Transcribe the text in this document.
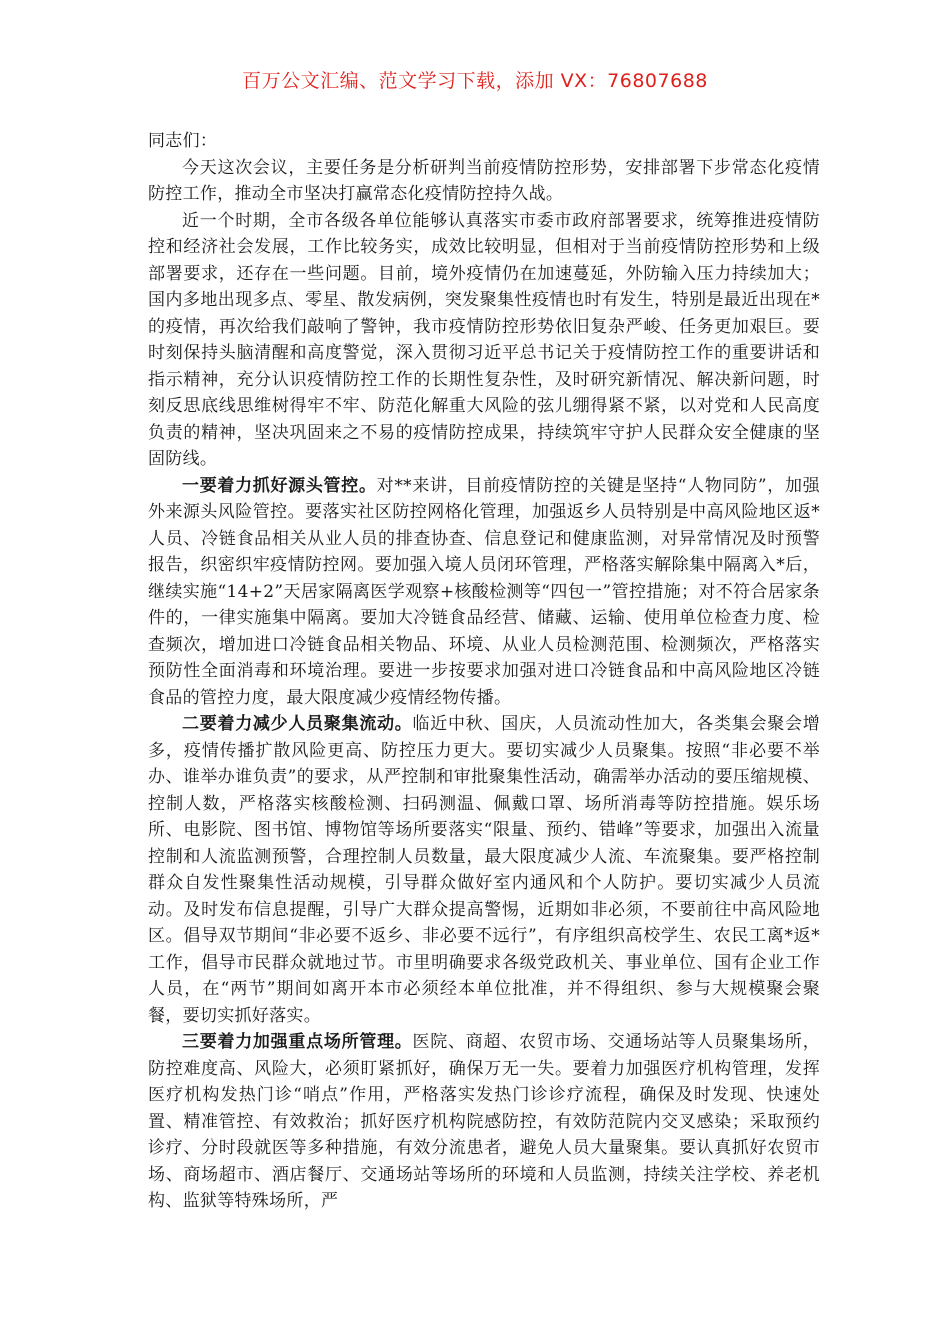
百万公文汇编、范文学习下载，添加 VX：76807688

同志们：

今天这次会议，主要任务是分析研判当前疫情防控形势，安排部署下步常态化疫情防控工作，推动全市坚决打赢常态化疫情防控持久战。

近一个时期，全市各级各单位能够认真落实市委市政府部署要求，统筹推进疫情防控和经济社会发展，工作比较务实，成效比较明显，但相对于当前疫情防控形势和上级部署要求，还存在一些问题。目前，境外疫情仍在加速蔓延，外防输入压力持续加大；国内多地出现多点、零星、散发病例，突发聚集性疫情也时有发生，特别是最近出现在*的疫情，再次给我们敲响了警钟，我市疫情防控形势依旧复杂严峻、任务更加艰巨。要时刻保持头脑清醒和高度警觉，深入贯彻习近平总书记关于疫情防控工作的重要讲话和指示精神，充分认识疫情防控工作的长期性复杂性，及时研究新情况、解决新问题，时刻反思底线思维树得牢不牢、防范化解重大风险的弦儿绷得紧不紧，以对党和人民高度负责的精神，坚决巩固来之不易的疫情防控成果，持续筑牢守护人民群众安全健康的坚固防线。

一要着力抓好源头管控。对**来讲，目前疫情防控的关键是坚持“人物同防”，加强外来源头风险管控。要落实社区防控网格化管理，加强返乡人员特别是中高风险地区返*人员、冷链食品相关从业人员的排查协查、信息登记和健康监测，对异常情况及时预警报告，织密织牢疫情防控网。要加强入境人员闭环管理，严格落实解除集中隔离入*后，继续实施“14+2”天居家隔离医学观察+核酸检测等“四包一”管控措施；对不符合居家条件的，一律实施集中隔离。要加大冷链食品经营、储藏、运输、使用单位检查力度、检查频次，增加进口冷链食品相关物品、环境、从业人员检测范围、检测频次，严格落实预防性全面消毒和环境治理。要进一步按要求加强对进口冷链食品和中高风险地区冷链食品的管控力度，最大限度减少疫情经物传播。

二要着力减少人员聚集流动。临近中秋、国庆，人员流动性加大，各类集会聚会增多，疫情传播扩散风险更高、防控压力更大。要切实减少人员聚集。按照“非必要不举办、谁举办谁负责”的要求，从严控制和审批聚集性活动，确需举办活动的要压缩规模、控制人数，严格落实核酸检测、扫码测温、佩戴口罩、场所消毒等防控措施。娱乐场所、电影院、图书馆、博物馆等场所要落实“限量、预约、错峰”等要求，加强出入流量控制和人流监测预警，合理控制人员数量，最大限度减少人流、车流聚集。要严格控制群众自发性聚集性活动规模，引导群众做好室内通风和个人防护。要切实减少人员流动。及时发布信息提醒，引导广大群众提高警惕，近期如非必须，不要前往中高风险地区。倡导双节期间“非必要不返乡、非必要不远行”，有序组织高校学生、农民工离*返*工作，倡导市民群众就地过节。市里明确要求各级党政机关、事业单位、国有企业工作人员，在“两节”期间如离开本市必须经本单位批准，并不得组织、参与大规模聚会聚餐，要切实抓好落实。

三要着力加强重点场所管理。医院、商超、农贸市场、交通场站等人员聚集场所，防控难度高、风险大，必须盯紧抓好，确保万无一失。要着力加强医疗机构管理，发挥医疗机构发热门诊“哨点”作用，严格落实发热门诊诊疗流程，确保及时发现、快速处置、精准管控、有效救治；抓好医疗机构院感防控，有效防范院内交叉感染；采取预约诊疗、分时段就医等多种措施，有效分流患者，避免人员大量聚集。要认真抓好农贸市场、商场超市、酒店餐厅、交通场站等场所的环境和人员监测，持续关注学校、养老机构、监狱等特殊场所，严
